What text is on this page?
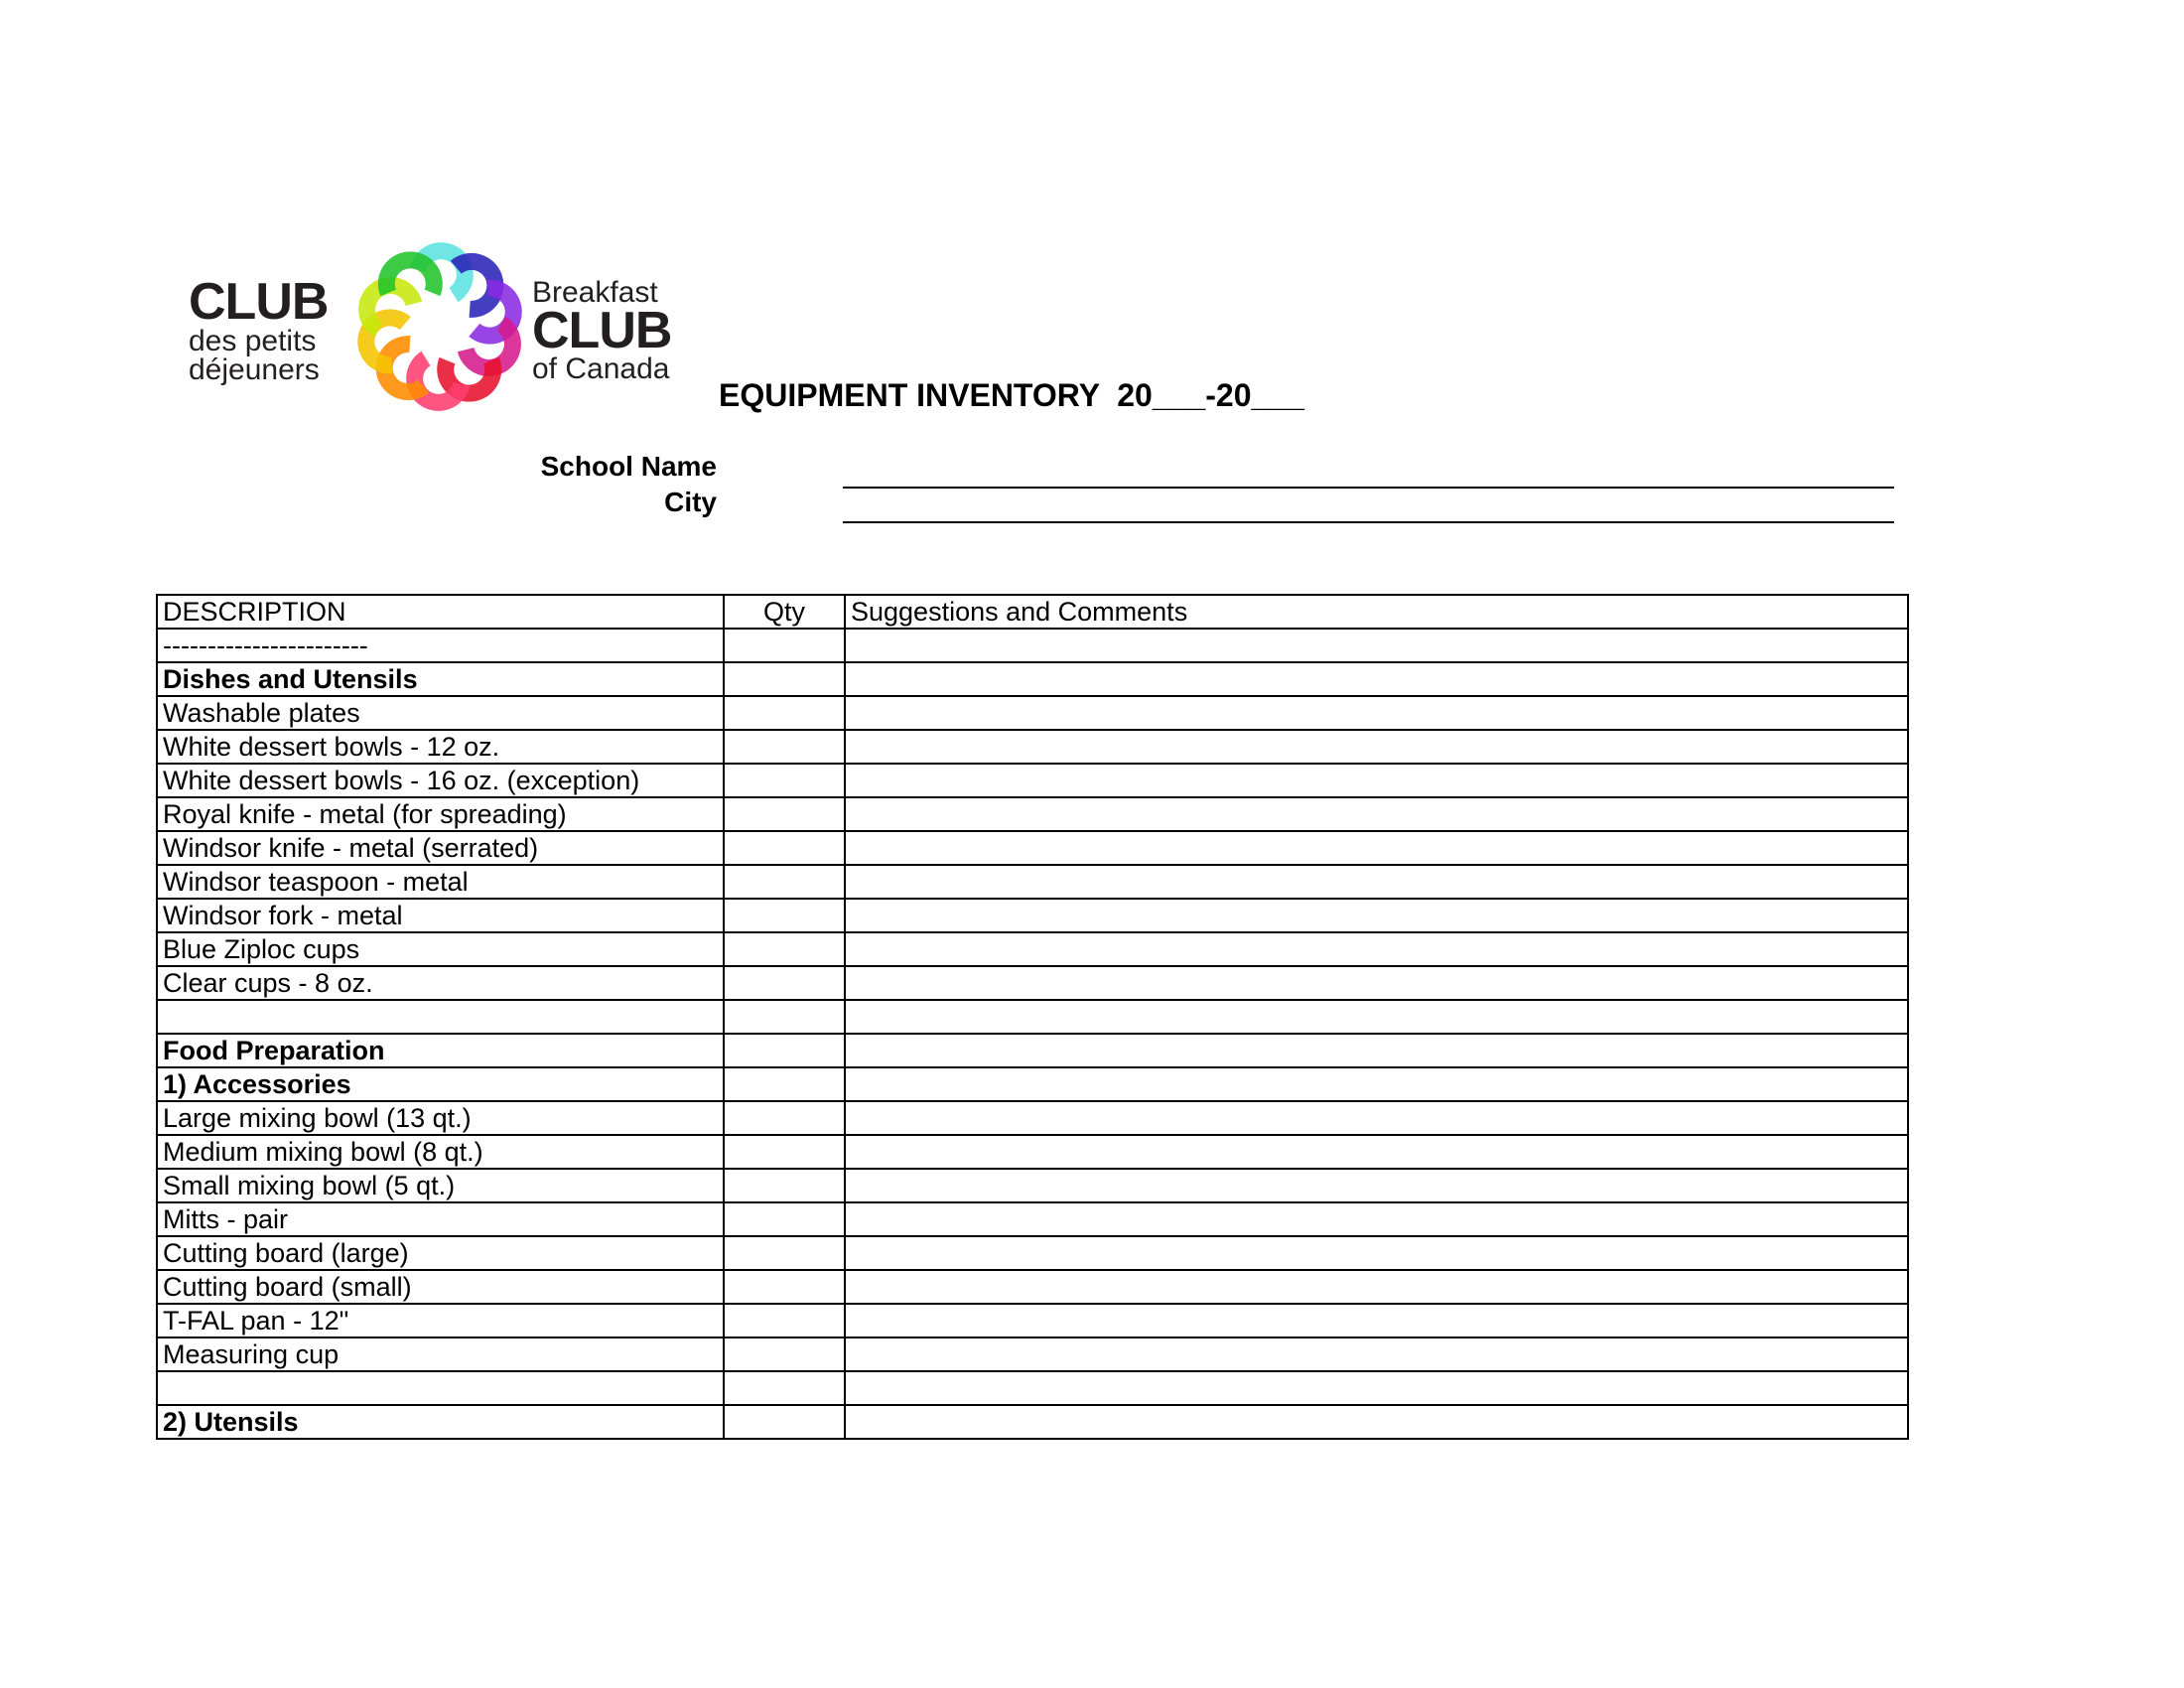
CLUB
des petits
déjeuners
Breakfast
CLUB
of Canada
EQUIPMENT INVENTORY  20___-20___
School Name
City
DESCRIPTION	Qty	Suggestions and Comments
-----------------------		
Dishes and Utensils		
Washable plates		
White dessert bowls - 12 oz.		
White dessert bowls - 16 oz. (exception)		
Royal knife - metal (for spreading)		
Windsor knife - metal (serrated)		
Windsor teaspoon - metal		
Windsor fork - metal		
Blue Ziploc cups		
Clear cups - 8 oz.		

Food Preparation		
1) Accessories		
Large mixing bowl (13 qt.)		
Medium mixing bowl (8 qt.)		
Small mixing bowl (5 qt.)		
Mitts - pair		
Cutting board (large)		
Cutting board (small)		
T-FAL pan - 12"		
Measuring cup		

2) Utensils		
